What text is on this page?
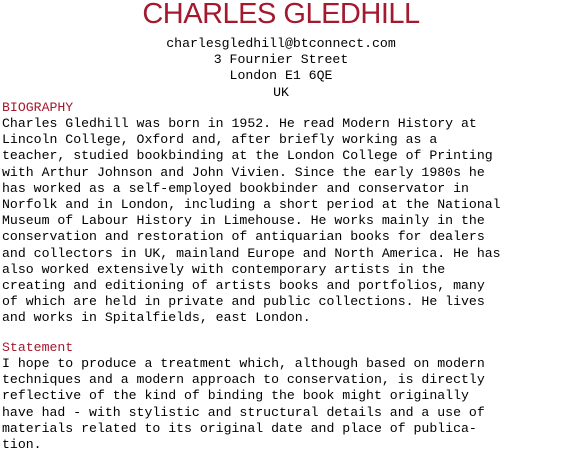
CHARLES GLEDHILL
charlesgledhill@btconnect.com
3 Fournier Street
London E1 6QE
UK
BIOGRAPHY
Charles Gledhill was born in 1952. He read Modern History at
Lincoln College, Oxford and, after briefly working as a
teacher, studied bookbinding at the London College of Printing
with Arthur Johnson and John Vivien. Since the early 1980s he
has worked as a self-employed bookbinder and conservator in
Norfolk and in London, including a short period at the National
Museum of Labour History in Limehouse. He works mainly in the
conservation and restoration of antiquarian books for dealers
and collectors in UK, mainland Europe and North America. He has
also worked extensively with contemporary artists in the
creating and editioning of artists books and portfolios, many
of which are held in private and public collections. He lives
and works in Spitalfields, east London.
Statement
I hope to produce a treatment which, although based on modern
techniques and a modern approach to conservation, is directly
reflective of the kind of binding the book might originally
have had - with stylistic and structural details and a use of
materials related to its original date and place of publica-
tion.
